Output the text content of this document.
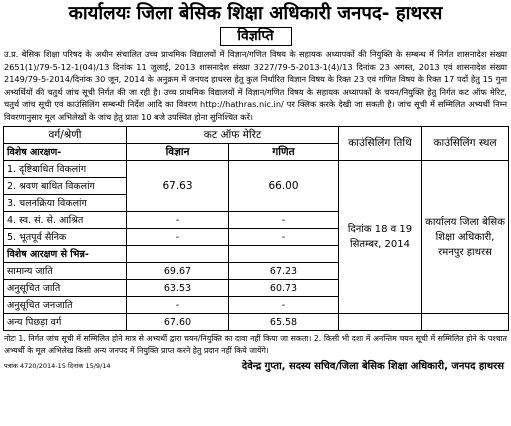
कार्यालयः जिला बेसिक शिक्षा अधिकारी जनपद- हाथरस
विज्ञप्ति
उ.प्र. बेसिक शिक्षा परिषद के अधीन संचालित उच्च प्राथमिक विद्यालयों में विज्ञान/गणित विषय के सहायक अध्यापकों की नियुक्ति के सम्बन्ध में निर्गत शासनादेश संख्या 2651(1)/79-5-12-1(04)/13 दिनांक 11 जुलाई, 2013 शासनादेश संख्या 3227/79-5-2013-1(4)/13 दिनांक 23 अगस्त, 2013 एवं शासनादेश संख्या 2149/79-5-2014/दिनांक 30 जून, 2014 के अनुक्रम में जनपद हाथरस हेतु कुल निर्धारित विज्ञान विषय के रिक्त 23 एवं गणित विषय के रिक्त 17 पदों हेतु 15 गुना अभ्यर्थियों की चतुर्थ जांच सूची निर्गत की जा रही है। उच्च प्राथमिक विद्यालयों में विज्ञान/गणित विषय के सहायक अध्यापकों के चयन/नियुक्ति हेतु निर्गत कट ऑफ मेरिट, चतुर्थ जांच सूची एवं काउंसिलिंग सम्बन्धी निर्देश आदि का विवरण http://hathras.nic.in/ पर क्लिक करके देखी जा सकती है। जांच सूची में सम्मिलित अभ्यर्थी निम्न विवरणानुसार मूल अभिलेखों के जांच हेतु प्रातः 10 बजे उपस्थित होना सुनिश्चित करें।
वर्ग/श्रेणी	कट ऑफ मेरिट		काउंसिलिंग तिथि	काउंसिलिंग स्थल
विशेष आरक्षण-	विज्ञान	गणित		
1. दृष्टिबाधित विकलांग	67.63	66.00	दिनांक 18 व 19 सितम्बर, 2014	कार्यालय जिला बेसिक शिक्षा अधिकारी, रमनपुर हाथरस
2. श्रवण बाधित विकलांग				
3. चलनक्रिया विकलांग				
4. स्व. सं. से. आश्रित	-	-		
5. भूतपूर्व सैनिक	-	-		
विशेष आरक्षण से भिन्न-				
सामान्य जाति	69.67	67.23		
अनुसूचित जाति	63.53	60.73		
अनुसूचित जनजाति	-	-		
अन्य पिछड़ा वर्ग	67.60	65.58		
नोटः 1. निर्गत जांच सूची में सम्मिलित होने मात्र से अभ्यर्थी द्वारा चयन/नियुक्ति का दावा नहीं किया जा सकता। 2. किसी भी दशा में अनन्तिम चयन सूची में सम्मिलित होने के पश्चात अभ्यर्थी के मूल अभिलेख किसी अन्य जनपद में नियुक्ति प्राप्त करने हेतु प्रदान नहीं किये जायेंगे।
पत्रांक 4720/2014-15 दिनांक 15/9/14	देवेन्द्र गुप्ता, सदस्य सचिव/जिला बेसिक शिक्षा अधिकारी, जनपद हाथरस
